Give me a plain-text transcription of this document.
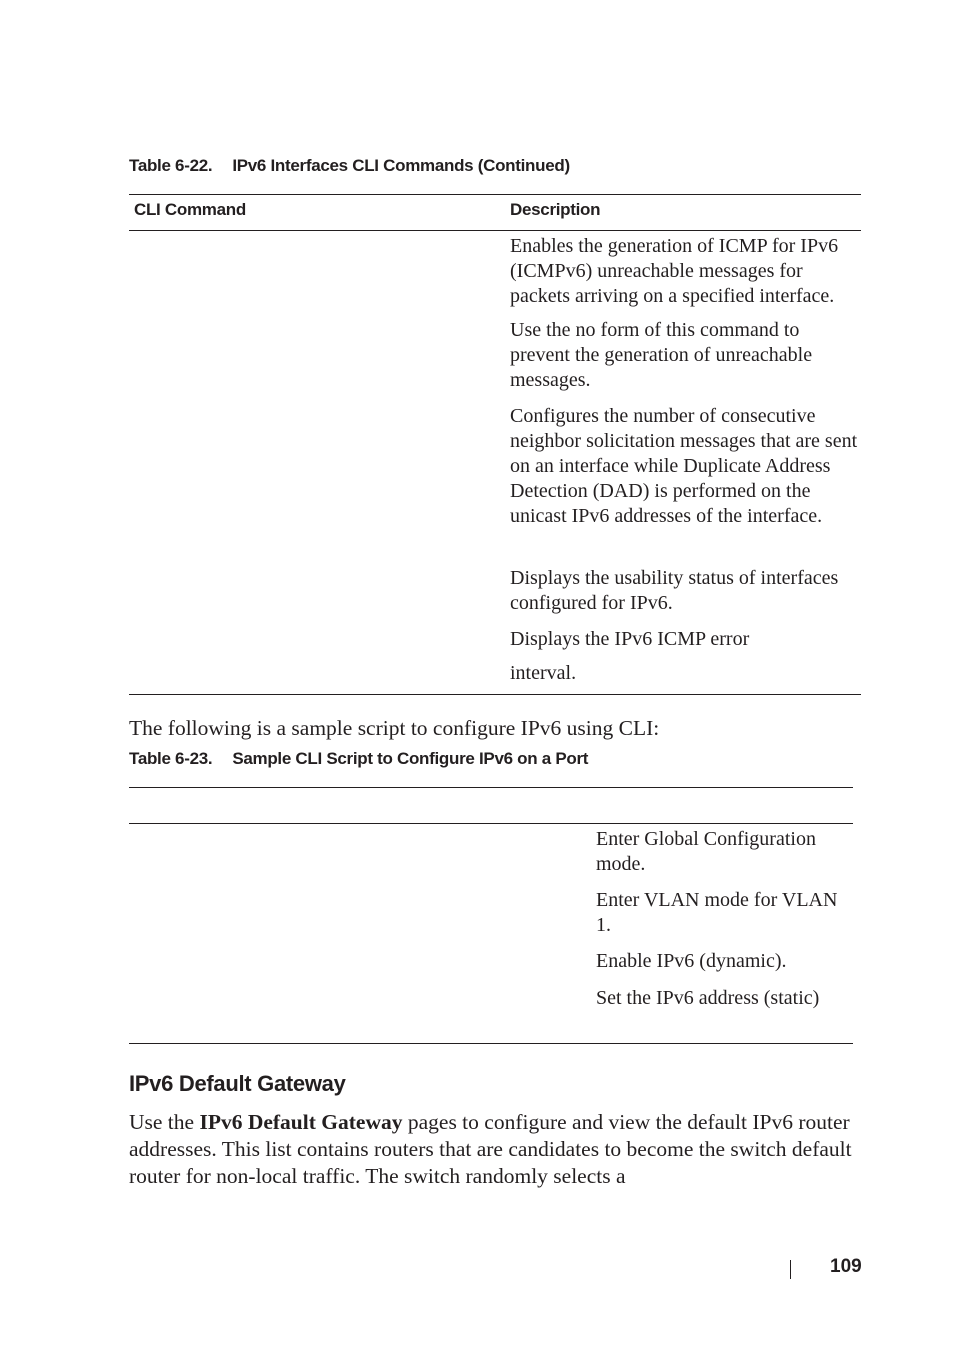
Table 6-22. IPv6 Interfaces CLI Commands (Continued)
CLI Command	Description
Enables the generation of ICMP for IPv6 (ICMPv6) unreachable messages for packets arriving on a specified interface.
Use the no form of this command to prevent the generation of unreachable messages.
Configures the number of consecutive neighbor solicitation messages that are sent on an interface while Duplicate Address Detection (DAD) is performed on the unicast IPv6 addresses of the interface.
Displays the usability status of interfaces configured for IPv6.
Displays the IPv6 ICMP error
interval.
The following is a sample script to configure IPv6 using CLI:
Table 6-23. Sample CLI Script to Configure IPv6 on a Port
Enter Global Configuration mode.
Enter VLAN mode for VLAN 1.
Enable IPv6 (dynamic).
Set the IPv6 address (static)
IPv6 Default Gateway
Use the IPv6 Default Gateway pages to configure and view the default IPv6 router addresses. This list contains routers that are candidates to become the switch default router for non-local traffic. The switch randomly selects a
109
